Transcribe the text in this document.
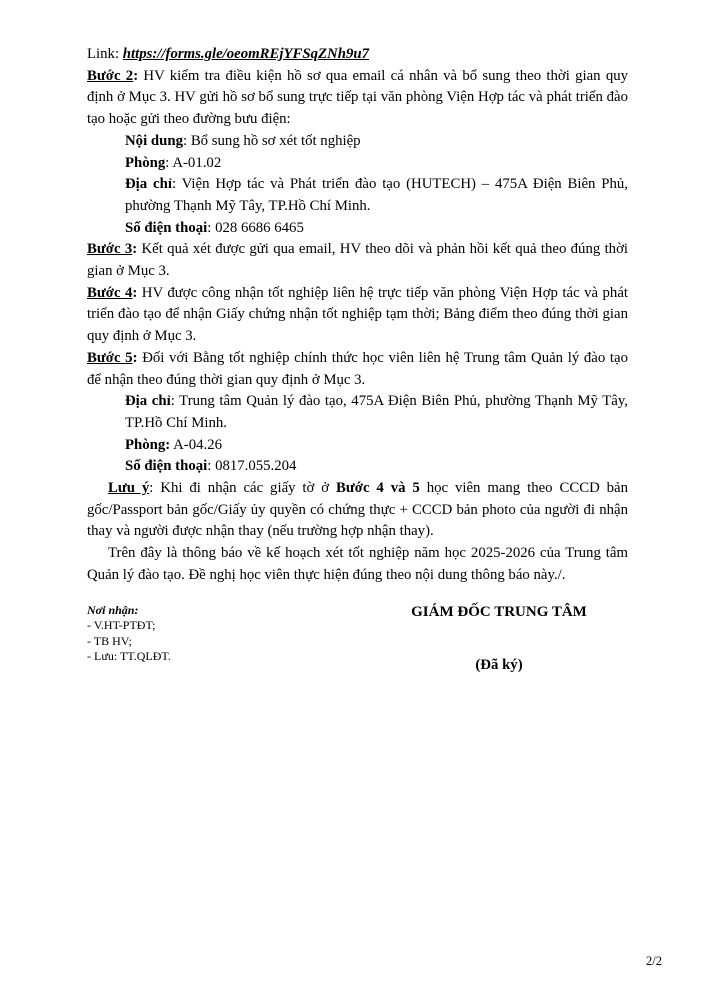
Link: https://forms.gle/oeomREjYFSqZNh9u7

Bước 2: HV kiểm tra điều kiện hồ sơ qua email cá nhân và bổ sung theo thời gian quy định ở Mục 3. HV gửi hồ sơ bổ sung trực tiếp tại văn phòng Viện Hợp tác và phát triển đào tạo hoặc gửi theo đường bưu điện:

Nội dung: Bổ sung hồ sơ xét tốt nghiệp

Phòng: A-01.02

Địa chỉ: Viện Hợp tác và Phát triển đào tạo (HUTECH) – 475A Điện Biên Phủ, phường Thạnh Mỹ Tây, TP.Hồ Chí Minh.

Số điện thoại: 028 6686 6465

Bước 3: Kết quả xét được gửi qua email, HV theo dõi và phản hồi kết quả theo đúng thời gian ở Mục 3.

Bước 4: HV được công nhận tốt nghiệp liên hệ trực tiếp văn phòng Viện Hợp tác và phát triển đào tạo để nhận Giấy chứng nhận tốt nghiệp tạm thời; Bảng điểm theo đúng thời gian quy định ở Mục 3.

Bước 5: Đối với Bằng tốt nghiệp chính thức học viên liên hệ Trung tâm Quản lý đào tạo để nhận theo đúng thời gian quy định ở Mục 3.

Địa chỉ: Trung tâm Quản lý đào tạo, 475A Điện Biên Phủ, phường Thạnh Mỹ Tây, TP.Hồ Chí Minh.

Phòng: A-04.26

Số điện thoại: 0817.055.204

Lưu ý: Khi đi nhận các giấy tờ ở Bước 4 và 5 học viên mang theo CCCD bản gốc/Passport bản gốc/Giấy ủy quyền có chứng thực + CCCD bản photo của người đi nhận thay và người được nhận thay (nếu trường hợp nhận thay).

Trên đây là thông báo về kế hoạch xét tốt nghiệp năm học 2025-2026 của Trung tâm Quản lý đào tạo. Đề nghị học viên thực hiện đúng theo nội dung thông báo này./.

Nơi nhận:
- V.HT-PTĐT;
- TB HV;
- Lưu: TT.QLĐT.
GIÁM ĐỐC TRUNG TÂM
(Đã ký)
2/2
